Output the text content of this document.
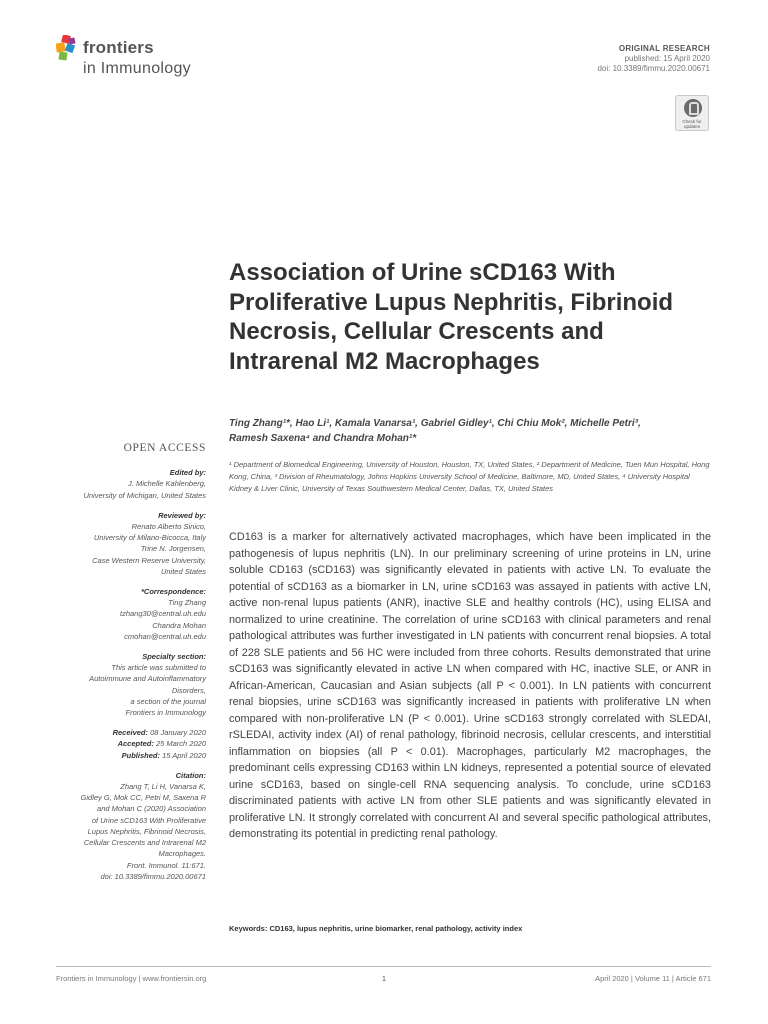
frontiers
in Immunology
ORIGINAL RESEARCH
published: 15 April 2020
doi: 10.3389/fimmu.2020.00671
Check for updates
Association of Urine sCD163 With Proliferative Lupus Nephritis, Fibrinoid Necrosis, Cellular Crescents and Intrarenal M2 Macrophages
Ting Zhang¹*, Hao Li¹, Kamala Vanarsa¹, Gabriel Gidley¹, Chi Chiu Mok², Michelle Petri³,
Ramesh Saxena⁴ and Chandra Mohan¹*
¹ Department of Biomedical Engineering, University of Houston, Houston, TX, United States, ² Department of Medicine, Tuen Mun Hospital, Hong Kong, China, ³ Division of Rheumatology, Johns Hopkins University School of Medicine, Baltimore, MD, United States, ⁴ University Hospital Kidney & Liver Clinic, University of Texas Southwestern Medical Center, Dallas, TX, United States

CD163 is a marker for alternatively activated macrophages, which have been implicated in the pathogenesis of lupus nephritis (LN). In our preliminary screening of urine proteins in LN, urine soluble CD163 (sCD163) was significantly elevated in patients with active LN. To evaluate the potential of sCD163 as a biomarker in LN, urine sCD163 was assayed in patients with active LN, active non-renal lupus patients (ANR), inactive SLE and healthy controls (HC), using ELISA and normalized to urine creatinine. The correlation of urine sCD163 with clinical parameters and renal pathological attributes was further investigated in LN patients with concurrent renal biopsies. A total of 228 SLE patients and 56 HC were included from three cohorts. Results demonstrated that urine sCD163 was significantly elevated in active LN when compared with HC, inactive SLE, or ANR in African-American, Caucasian and Asian subjects (all P < 0.001). In LN patients with concurrent renal biopsies, urine sCD163 was significantly increased in patients with proliferative LN when compared with non-proliferative LN (P < 0.001). Urine sCD163 strongly correlated with SLEDAI, rSLEDAI, activity index (AI) of renal pathology, fibrinoid necrosis, cellular crescents, and interstitial inflammation on biopsies (all P < 0.01). Macrophages, particularly M2 macrophages, the predominant cells expressing CD163 within LN kidneys, represented a potential source of elevated urine sCD163, based on single-cell RNA sequencing analysis. To conclude, urine sCD163 discriminated patients with active LN from other SLE patients and was significantly elevated in proliferative LN. It strongly correlated with concurrent AI and several specific pathological attributes, demonstrating its potential in predicting renal pathology.

Keywords: CD163, lupus nephritis, urine biomarker, renal pathology, activity index
OPEN ACCESS
Edited by:
J. Michelle Kahlenberg,
University of Michigan, United States
Reviewed by:
Renato Alberto Sinico,
University of Milano-Bicocca, Italy
Trine N. Jorgensen,
Case Western Reserve University,
United States
*Correspondence:
Ting Zhang
tzhang30@central.uh.edu
Chandra Mohan
cmohan@central.uh.edu
Specialty section:
This article was submitted to
Autoimmune and Autoinflammatory
Disorders,
a section of the journal
Frontiers in Immunology
Received: 08 January 2020
Accepted: 25 March 2020
Published: 15 April 2020
Citation:
Zhang T, Li H, Vanarsa K,
Gidley G, Mok CC, Petri M, Saxena R
and Mohan C (2020) Association
of Urine sCD163 With Proliferative
Lupus Nephritis, Fibrinoid Necrosis,
Cellular Crescents and Intrarenal M2
Macrophages.
Front. Immunol. 11:671.
doi: 10.3389/fimmu.2020.00671
Frontiers in Immunology | www.frontiersin.org	1	April 2020 | Volume 11 | Article 671
